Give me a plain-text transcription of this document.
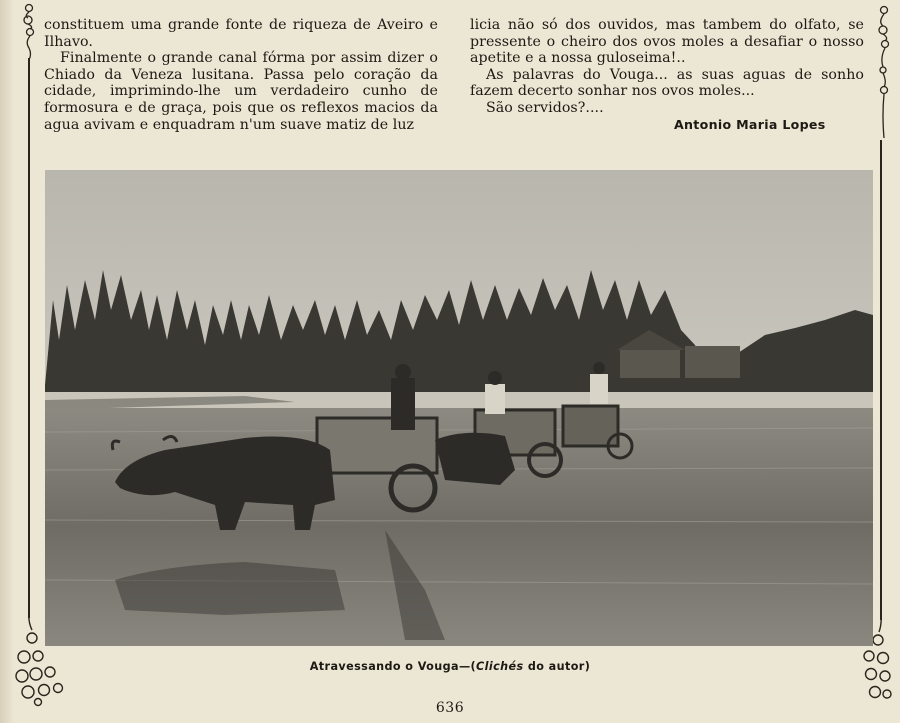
constituem uma grande fonte de riqueza de Aveiro e Ilhavo.

Finalmente o grande canal fórma por assim dizer o Chiado da Veneza lusitana. Passa pelo coração da cidade, imprimindo-lhe um verdadeiro cunho de formosura e de graça, pois que os reflexos macios da agua avivam e enquadram n'um suave matiz de luz

licia não só dos ouvidos, mas tambem do olfato, se pressente o cheiro dos ovos moles a desafiar o nosso apetite e a nossa guloseima!..

As palavras do Vouga... as suas aguas de sonho fazem decerto sonhar nos ovos moles...

São servidos?....

Antonio Maria Lopes
Atravessando o Vouga—(Clichés do autor)
636
